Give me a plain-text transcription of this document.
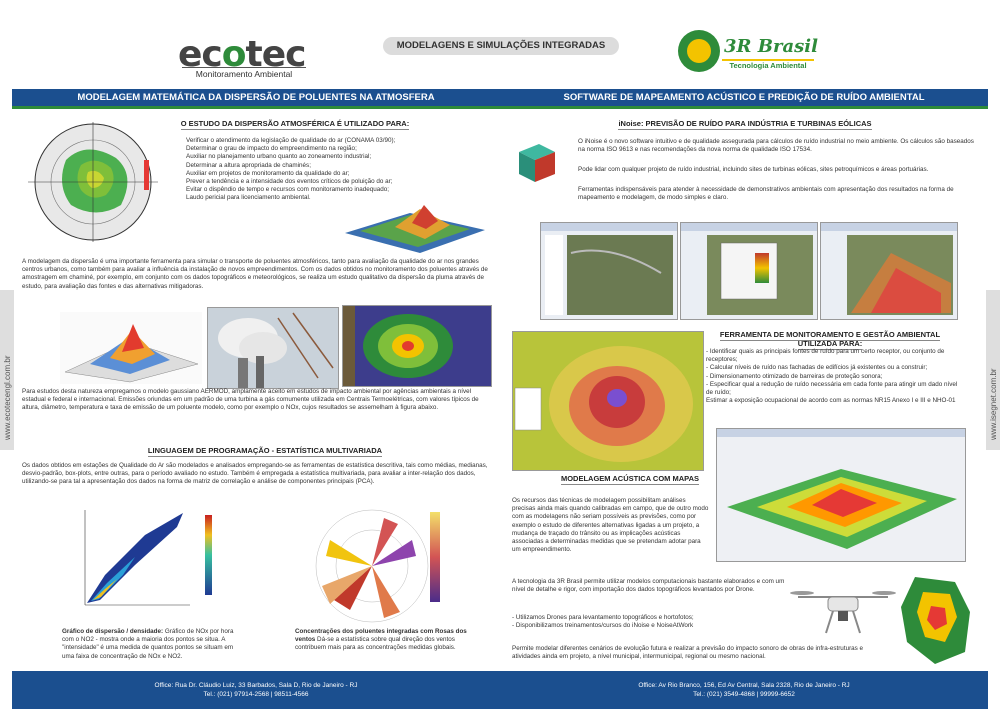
ecotec
Monitoramento Ambiental
MODELAGENS E SIMULAÇÕES INTEGRADAS	3R Brasil
Tecnologia Ambiental
MODELAGEM MATEMÁTICA DA DISPERSÃO DE POLUENTES NA ATMOSFERA	SOFTWARE DE MAPEAMENTO ACÚSTICO E PREDIÇÃO DE RUÍDO AMBIENTAL
www.ecotecengl.com.br	www.isegnet.com.br
O ESTUDO DA DISPERSÃO ATMOSFÉRICA É UTILIZADO PARA:
Verificar o atendimento da legislação de qualidade do ar (CONAMA 03/90);
Determinar o grau de impacto do empreendimento na região;
Auxiliar no planejamento urbano quanto ao zoneamento industrial;
Determinar a altura apropriada de chaminés;
Auxiliar em projetos de monitoramento da qualidade do ar;
Prever a tendência e a intensidade dos eventos críticos de poluição do ar;
Evitar o dispêndio de tempo e recursos com monitoramento inadequado;
Laudo pericial para licenciamento ambiental.
A modelagem da dispersão é uma importante ferramenta para simular o transporte de poluentes atmosféricos, tanto para avaliação da qualidade do ar nos grandes centros urbanos, como também para avaliar a influência da instalação de novos empreendimentos. Com os dados obtidos no monitoramento dos poluentes através de amostragem em chaminé, por exemplo, em conjunto com os dados topográficos e meteorológicos, se realiza um estudo qualitativo da dispersão da pluma através de estudo, para avaliação das fontes e das alternativas mitigadoras.
Para estudos desta natureza empregamos o modelo gaussiano AERMOD, amplamente aceito em estudos de impacto ambiental por agências ambientais a nível estadual e federal e internacional. Emissões oriundas em um padrão de uma turbina a gás comumente utilizada em Centrais Termoelétricas, com valores típicos de altura, diâmetro, temperatura e taxa de emissão de um poluente modelo, como por exemplo o NOx, cujos resultados se assemelham à figura abaixo.
LINGUAGEM DE PROGRAMAÇÃO - ESTATÍSTICA MULTIVARIADA
Os dados obtidos em estações de Qualidade do Ar são modelados e analisados empregando-se as ferramentas de estatística descritiva, tais como médias, medianas, desvio-padrão, box-plots, entre outras, para o período avaliado no estudo. Também é empregada a estatística multivariada, para avaliar a inter-relação dos dados, utilizando-se para tal a apresentação dos dados na forma de matriz de correlação e análise de componentes principais (PCA).
Gráfico de dispersão / densidade: Gráfico de NOx por hora com o NO2 - mostra onde a maioria dos pontos se situa. A "intensidade" é uma medida de quantos pontos se situam em uma faixa de concentração de NOx e NO2.
Concentrações dos poluentes integradas com Rosas dos ventos Dá-se a estatística sobre qual direção dos ventos contribuem mais para as concentrações medidas globais.
iNoise: PREVISÃO DE RUÍDO PARA INDÚSTRIA E TURBINAS EÓLICAS
O iNoise é o novo software intuitivo e de qualidade assegurada para cálculos de ruído industrial no meio ambiente. Os cálculos são baseados na norma ISO 9613 e nas recomendações da nova norma de qualidade ISO 17534.
Pode lidar com qualquer projeto de ruído industrial, incluindo sites de turbinas eólicas, sites petroquímicos e áreas portuárias.
Ferramentas indispensáveis para atender à necessidade de demonstrativos ambientais com apresentação dos resultados na forma de mapeamento e modelagem, de modo simples e claro.
FERRAMENTA DE MONITORAMENTO E GESTÃO AMBIENTAL UTILIZADA PARA:
- Identificar quais as principais fontes de ruído para um certo receptor, ou conjunto de receptores;
- Calcular níveis de ruído nas fachadas de edifícios já existentes ou a construir;
- Dimensionamento otimizado de barreiras de proteção sonora;
- Especificar qual a redução de ruído necessária em cada fonte para atingir um dado nível de ruído;
Estimar a exposição ocupacional de acordo com as normas NR15 Anexo I e III e NHO-01
MODELAGEM ACÚSTICA COM MAPAS
Os recursos das técnicas de modelagem possibilitam análises precisas ainda mais quando calibradas em campo, que de outro modo com as modelagens não seriam possíveis as previsões, como por exemplo o estudo de diferentes alternativas ligadas a um projeto, a mudança de traçado do trânsito ou as implicações acústicas associadas a determinadas medidas que se pretendam adotar para um empreendimento.
A tecnologia da 3R Brasil permite utilizar modelos computacionais bastante elaborados e com um nível de detalhe e rigor, com importação dos dados topográficos levantados por Drone.
- Utilizamos Drones para levantamento topográficos e hortofotos;
- Disponibilizamos treinamentos/cursos do iNoise e NoiseAtWork
Permite modelar diferentes cenários de evolução futura e realizar a previsão do impacto sonoro de obras de infra-estruturas e atividades ainda em projeto, a nível municipal, intermunicipal, regional ou mesmo nacional.
Office: Rua Dr. Cláudio Luiz, 33 Barbados, Sala D, Rio de Janeiro - RJ
Tel.: (021) 97914-2568 | 98511-4566
Office: Av Rio Branco, 156, Ed Av Central, Sala 2328, Rio de Janeiro - RJ
Tel.: (021) 3549-4868 | 99999-6652
